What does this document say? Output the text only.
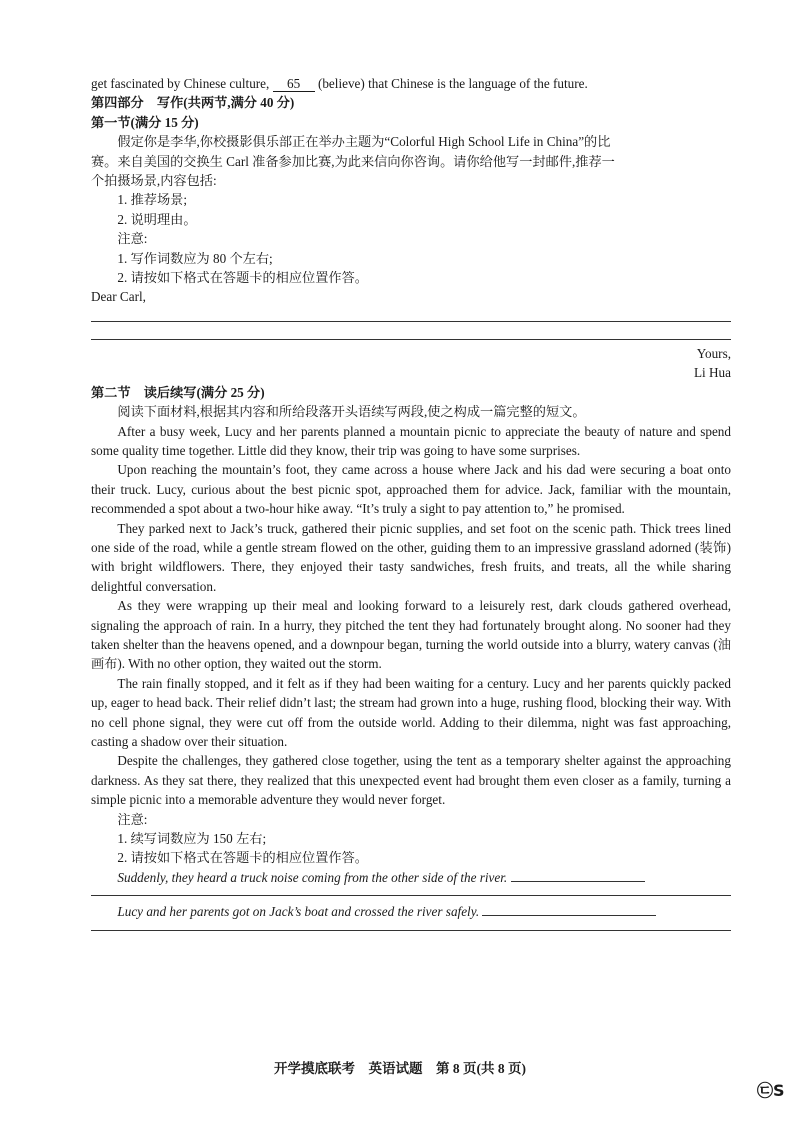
get fascinated by Chinese culture, 65 (believe) that Chinese is the language of the future.

第四部分　写作(共两节,满分 40 分)

第一节(满分 15 分)

假定你是李华,你校摄影俱乐部正在举办主题为“Colorful High School Life in China”的比

赛。来自美国的交换生 Carl 准备参加比赛,为此来信向你咨询。请你给他写一封邮件,推荐一

个拍摄场景,内容包括:

1. 推荐场景;

2. 说明理由。

注意:

1. 写作词数应为 80 个左右;

2. 请按如下格式在答题卡的相应位置作答。

Dear Carl,

Yours,

Li Hua

第二节　读后续写(满分 25 分)

阅读下面材料,根据其内容和所给段落开头语续写两段,使之构成一篇完整的短文。

After a busy week, Lucy and her parents planned a mountain picnic to appreciate the beauty of nature and spend some quality time together. Little did they know, their trip was going to have some surprises.

Upon reaching the mountain’s foot, they came across a house where Jack and his dad were securing a boat onto their truck. Lucy, curious about the best picnic spot, approached them for advice. Jack, familiar with the mountain, recommended a spot about a two-hour hike away. “It’s truly a sight to pay attention to,” he promised.

They parked next to Jack’s truck, gathered their picnic supplies, and set foot on the scenic path. Thick trees lined one side of the road, while a gentle stream flowed on the other, guiding them to an impressive grassland adorned (装饰) with bright wildflowers. There, they enjoyed their tasty sandwiches, fresh fruits, and treats, all the while sharing delightful conversation.

As they were wrapping up their meal and looking forward to a leisurely rest, dark clouds gathered overhead, signaling the approach of rain. In a hurry, they pitched the tent they had fortunately brought along. No sooner had they taken shelter than the heavens opened, and a downpour began, turning the world outside into a blurry, watery canvas (油画布). With no other option, they waited out the storm.

The rain finally stopped, and it felt as if they had been waiting for a century. Lucy and her parents quickly packed up, eager to head back. Their relief didn’t last; the stream had grown into a huge, rushing flood, blocking their way. With no cell phone signal, they were cut off from the outside world. Adding to their dilemma, night was fast approaching, casting a shadow over their situation.

Despite the challenges, they gathered close together, using the tent as a temporary shelter against the approaching darkness. As they sat there, they realized that this unexpected event had brought them even closer as a family, turning a simple picnic into a memorable adventure they would never forget.

注意:

1. 续写词数应为 150 左右;

2. 请按如下格式在答题卡的相应位置作答。

Suddenly, they heard a truck noise coming from the other side of the river.

Lucy and her parents got on Jack’s boat and crossed the river safely.

开学摸底联考　英语试题　第 8 页(共 8 页)
㉢S
